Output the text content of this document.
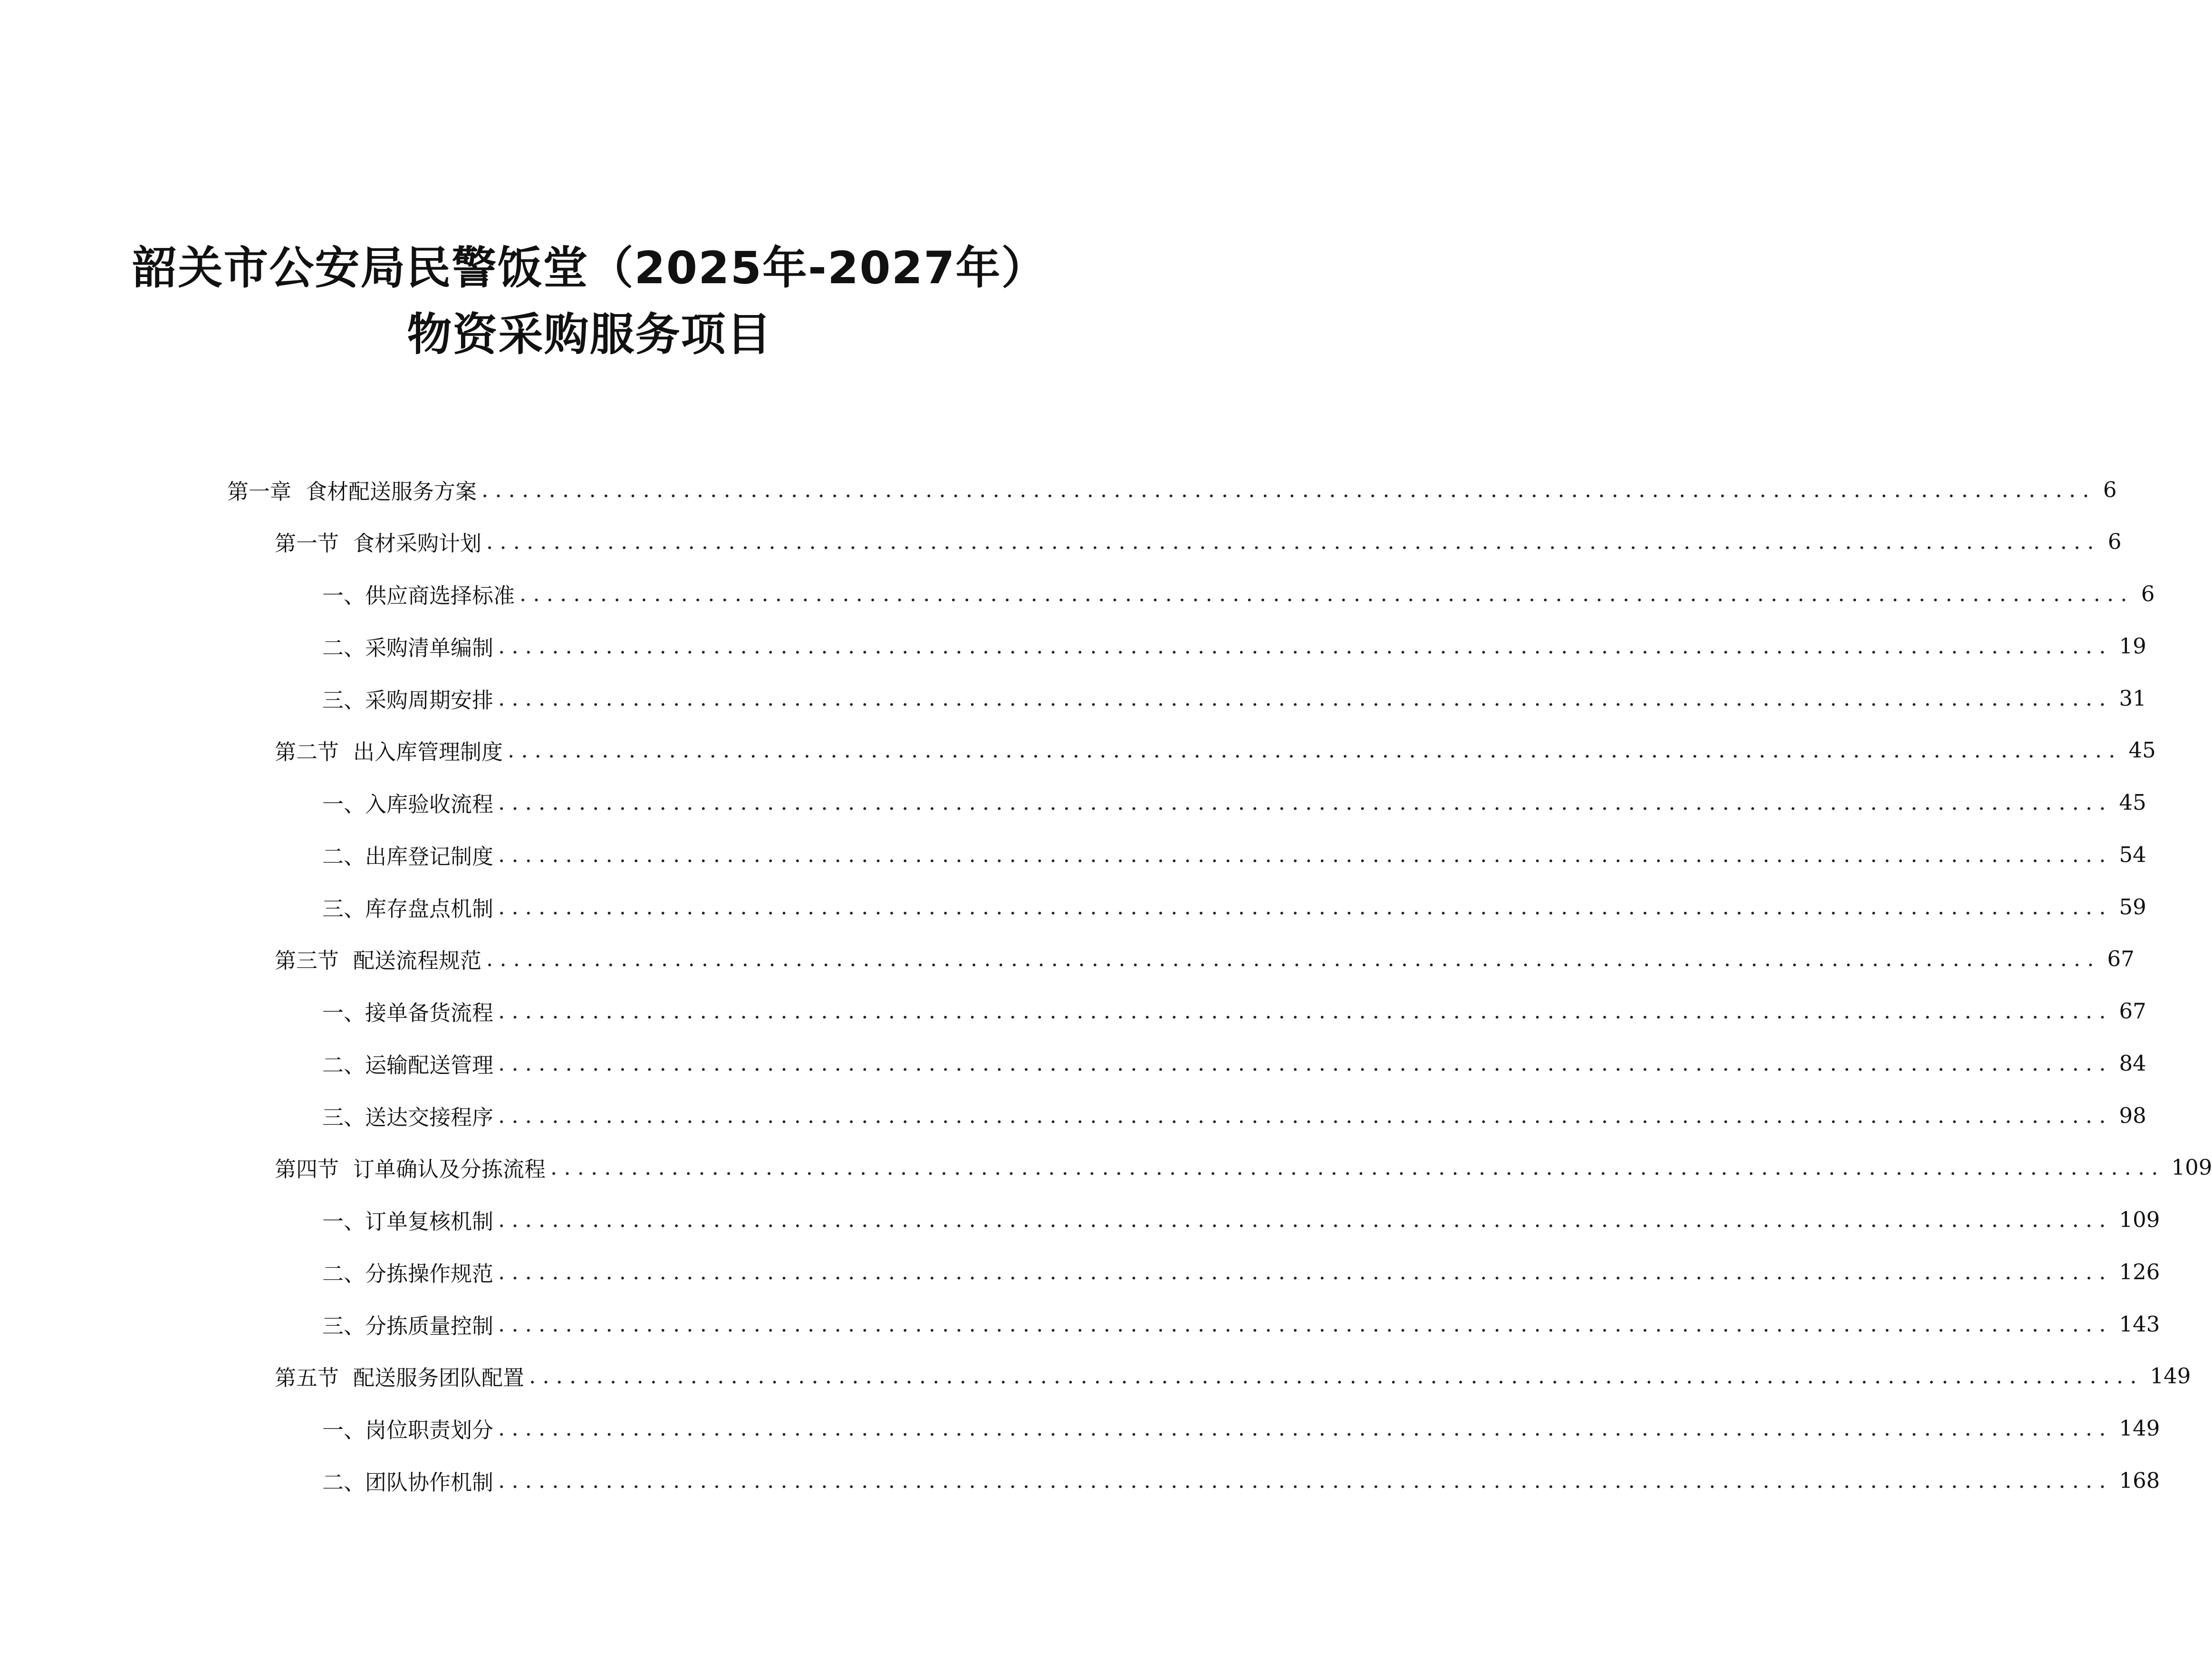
韶关市公安局民警饭堂（2025年-2027年）
物资采购服务项目
第一章 食材配送服务方案 ........................................................................................................................ 6
第一节 食材采购计划 ........................................................................................................................ 6
一、 供应商选择标准 ........................................................................................................................ 6
二、 采购清单编制 ........................................................................................................................ 19
三、 采购周期安排 ........................................................................................................................ 31
第二节 出入库管理制度 ........................................................................................................................ 45
一、 入库验收流程 ........................................................................................................................ 45
二、 出库登记制度 ........................................................................................................................ 54
三、 库存盘点机制 ........................................................................................................................ 59
第三节 配送流程规范 ........................................................................................................................ 67
一、 接单备货流程 ........................................................................................................................ 67
二、 运输配送管理 ........................................................................................................................ 84
三、 送达交接程序 ........................................................................................................................ 98
第四节 订单确认及分拣流程 ........................................................................................................................ 109
一、 订单复核机制 ........................................................................................................................ 109
二、 分拣操作规范 ........................................................................................................................ 126
三、 分拣质量控制 ........................................................................................................................ 143
第五节 配送服务团队配置 ........................................................................................................................ 149
一、 岗位职责划分 ........................................................................................................................ 149
二、 团队协作机制 ........................................................................................................................ 168
